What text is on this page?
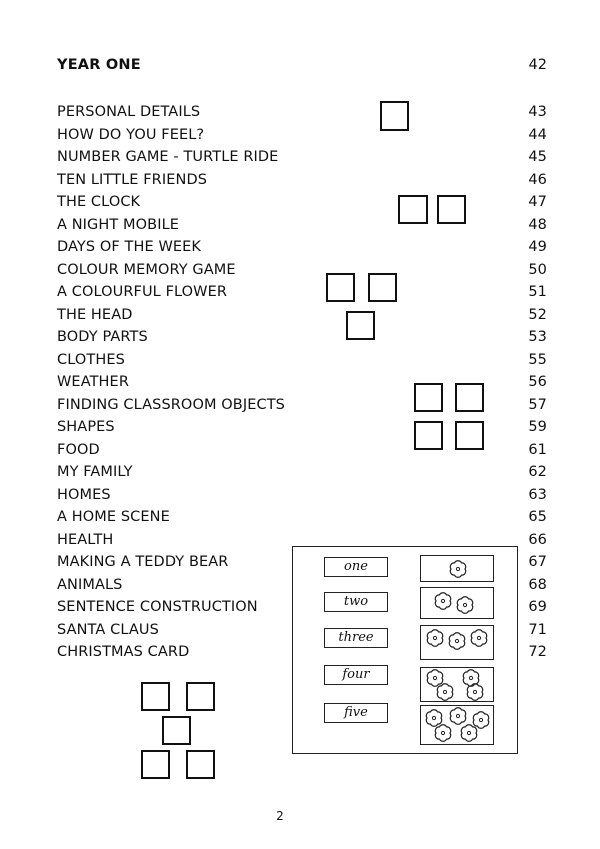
YEAR ONE	42
PERSONAL DETAILS	43
HOW DO YOU FEEL?	44
NUMBER GAME - TURTLE RIDE	45
TEN LITTLE FRIENDS	46
THE CLOCK	47
A NIGHT MOBILE	48
DAYS OF THE WEEK	49
COLOUR MEMORY GAME	50
A COLOURFUL FLOWER	51
THE HEAD	52
BODY PARTS	53
CLOTHES	55
WEATHER	56
FINDING CLASSROOM OBJECTS	57
SHAPES	59
FOOD	61
MY FAMILY	62
HOMES	63
A HOME SCENE	65
HEALTH	66
MAKING A TEDDY BEAR	67
ANIMALS	68
SENTENCE CONSTRUCTION	69
SANTA CLAUS	71
CHRISTMAS CARD	72
one
two
three
four
five
2
